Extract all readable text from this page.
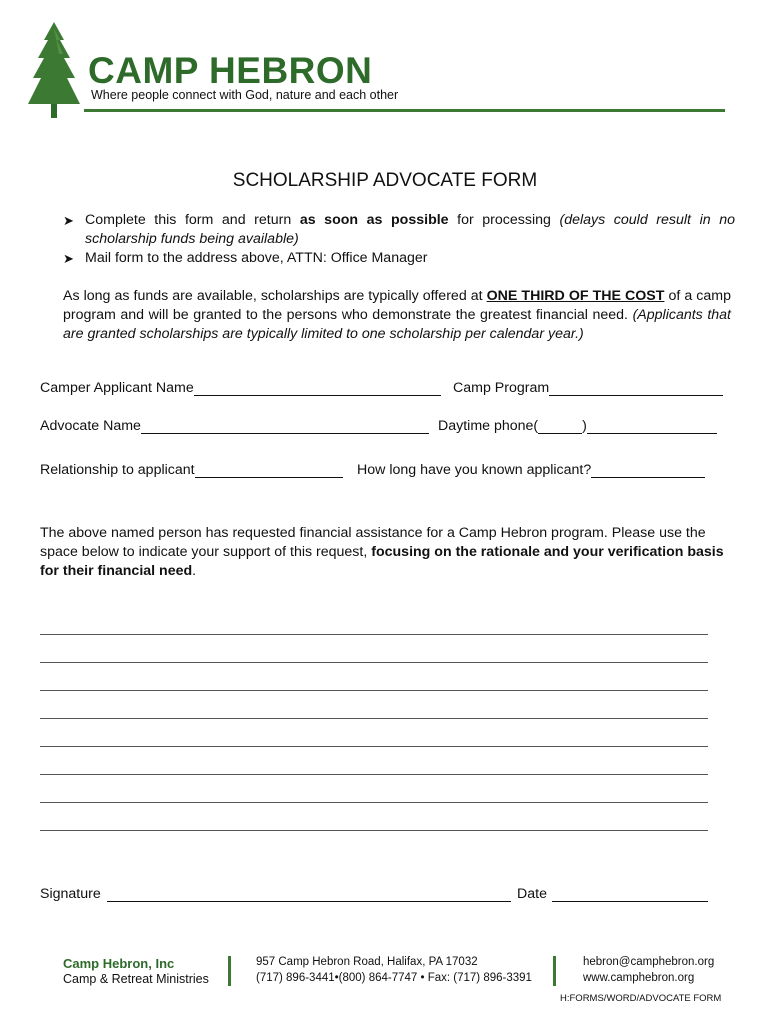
CAMP HEBRON
Where people connect with God, nature and each other
SCHOLARSHIP ADVOCATE FORM
➤ Complete this form and return as soon as possible for processing (delays could result in no scholarship funds being available)
➤ Mail form to the address above, ATTN: Office Manager
As long as funds are available, scholarships are typically offered at ONE THIRD OF THE COST of a camp program and will be granted to the persons who demonstrate the greatest financial need. (Applicants that are granted scholarships are typically limited to one scholarship per calendar year.)
Camper Applicant Name	Camp Program
Advocate Name	Daytime phone(	)
Relationship to applicant	How long have you known applicant?
The above named person has requested financial assistance for a Camp Hebron program. Please use the space below to indicate your support of this request, focusing on the rationale and your verification basis for their financial need.
Signature	Date
Camp Hebron, Inc
Camp & Retreat Ministries
957 Camp Hebron Road, Halifax, PA 17032
(717) 896-3441•(800) 864-7747 • Fax: (717) 896-3391
hebron@camphebron.org
www.camphebron.org
H:FORMS/WORD/ADVOCATE FORM
